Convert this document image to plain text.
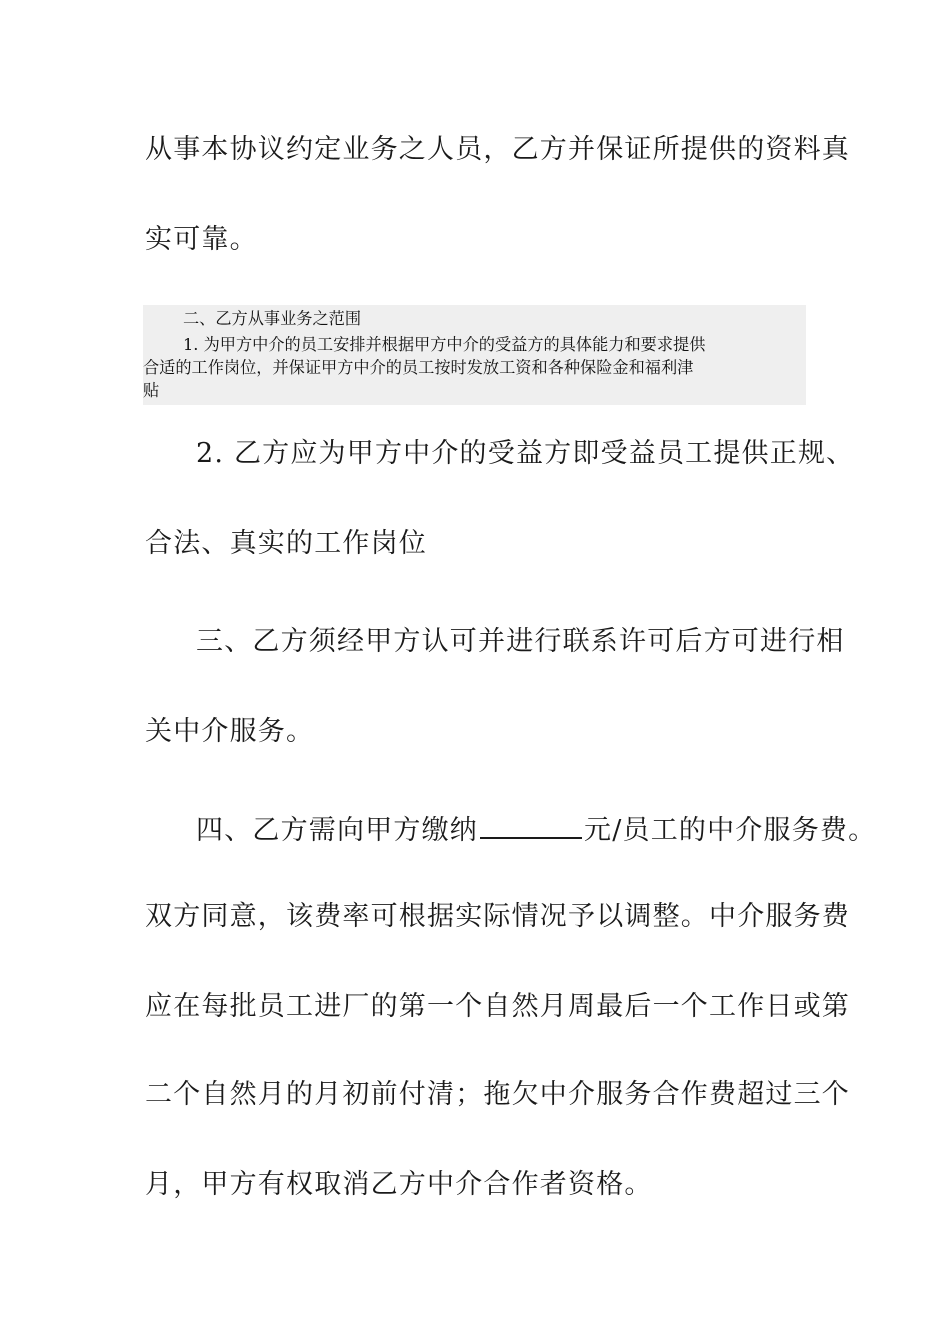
从事本协议约定业务之人员，乙方并保证所提供的资料真
实可靠。
二、乙方从事业务之范围
1. 为甲方中介的员工安排并根据甲方中介的受益方的具体能力和要求提供
合适的工作岗位，并保证甲方中介的员工按时发放工资和各种保险金和福利津
贴
2. 乙方应为甲方中介的受益方即受益员工提供正规、
合法、真实的工作岗位
三、乙方须经甲方认可并进行联系许可后方可进行相
关中介服务。
四、乙方需向甲方缴纳	元/员工的中介服务费。
双方同意，该费率可根据实际情况予以调整。中介服务费
应在每批员工进厂的第一个自然月周最后一个工作日或第
二个自然月的月初前付清；拖欠中介服务合作费超过三个
月，甲方有权取消乙方中介合作者资格。
